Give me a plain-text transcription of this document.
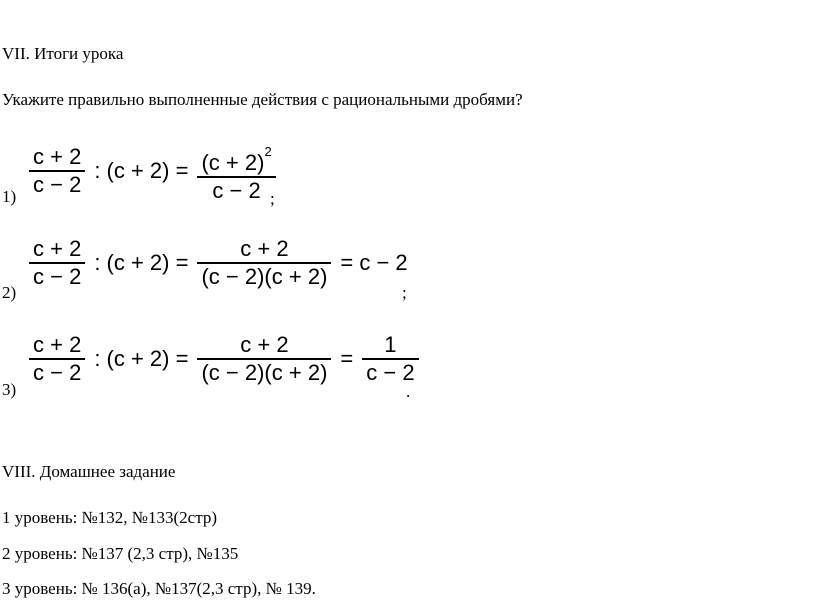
VII. Итоги урока
Укажите правильно выполненные действия с рациональными дробями?
$1) \frac{c + 2}{c - 2}$ : $(c + 2) = \frac{(c + 2)^2}{c - 2}$
;
2)
$\frac{c + 2}{c - 2}$ : $(c + 2) = \frac{c + 2}{(c - 2)(c + 2)} = c - 2$
;
3)
$\frac{c + 2}{c - 2}$ : $(c + 2) = \frac{c + 2}{(c - 2)(c + 2)} = \frac{1}{c - 2}$
.
VIII. Домашнее задание
1 уровень: №132, №133(2стр)
2 уровень: №137 (2,3 стр), №135
3 уровень: № 136(а), №137(2,3 стр), № 139.
